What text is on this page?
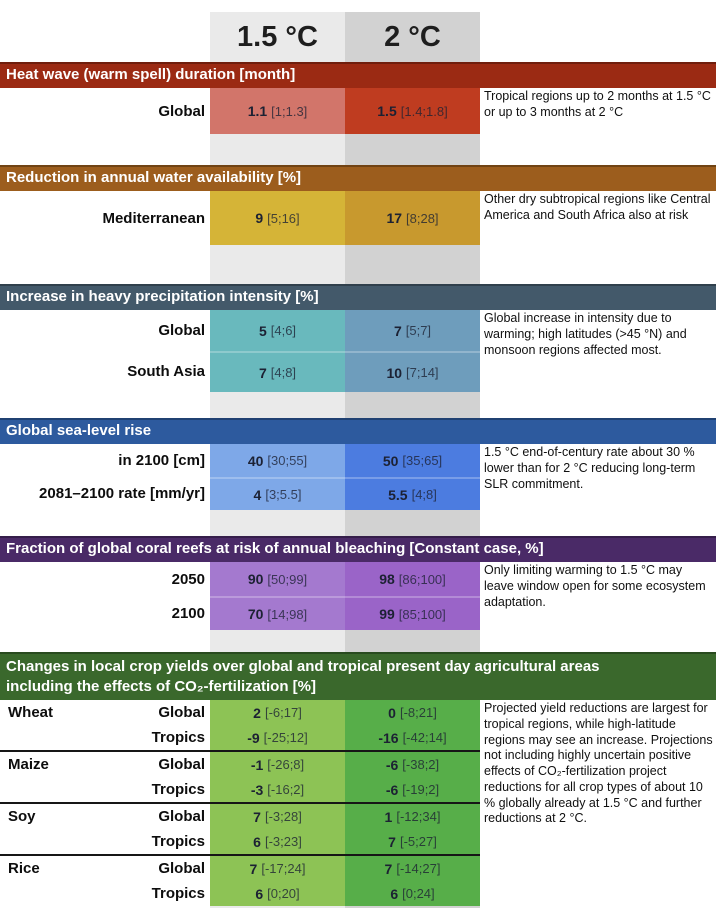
1.5 °C	2 °C
Heat wave (warm spell) duration [month]
Global	1.1 [1;1.3]	1.5 [1.4;1.8]
Tropical regions up to 2 months at 1.5 °C or up to 3 months at 2 °C
Reduction in annual water availability [%]
Mediterranean	9 [5;16]	17 [8;28]
Other dry subtropical regions like Central America and South Africa also at risk
Increase in heavy precipitation intensity [%]
Global	5 [4;6]	7 [5;7]
South Asia	7 [4;8]	10 [7;14]
Global increase in intensity due to warming; high latitudes (>45 °N) and monsoon regions affected most.
Global sea-level rise
in 2100 [cm]	40 [30;55]	50 [35;65]
2081–2100 rate [mm/yr]	4 [3;5.5]	5.5 [4;8]
1.5 °C end-of-century rate about 30 % lower than for 2 °C reducing long-term SLR commitment.
Fraction of global coral reefs at risk of annual bleaching [Constant case, %]
2050	90 [50;99]	98 [86;100]
2100	70 [14;98]	99 [85;100]
Only limiting warming to 1.5 °C may leave window open for some ecosystem adaptation.
Changes in local crop yields over global and tropical present day agricultural areas including the effects of CO₂-fertilization [%]
Wheat	Global	2 [-6;17]	0 [-8;21]
Tropics	-9 [-25;12]	-16 [-42;14]
Maize	Global	-1 [-26;8]	-6 [-38;2]
Tropics	-3 [-16;2]	-6 [-19;2]
Soy	Global	7 [-3;28]	1 [-12;34]
Tropics	6 [-3;23]	7 [-5;27]
Rice	Global	7 [-17;24]	7 [-14;27]
Tropics	6 [0;20]	6 [0;24]
Projected yield reductions are largest for tropical regions, while high-latitude regions may see an increase. Projections not including highly uncertain positive effects of CO₂-fertilization project reductions for all crop types of about 10 % globally already at 1.5 °C and further reductions at 2 °C.
